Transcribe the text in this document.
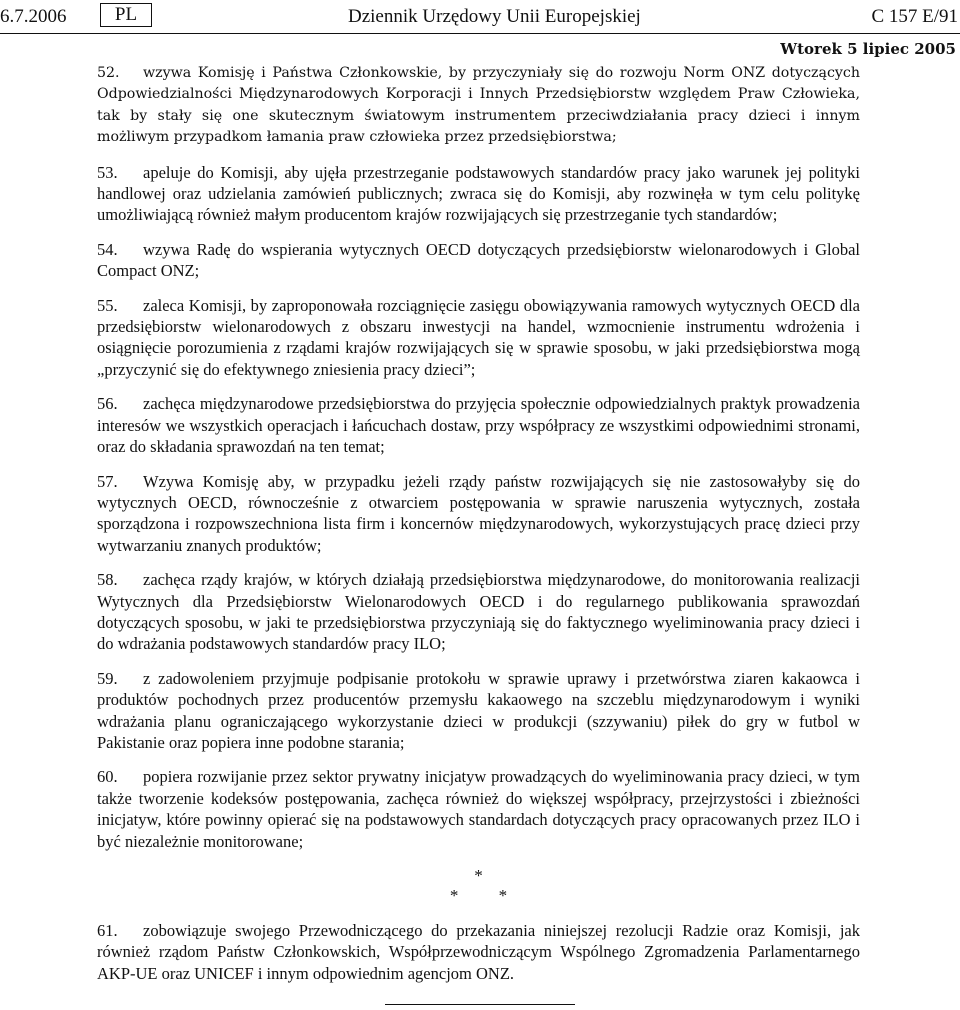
6.7.2006	PL	Dziennik Urzędowy Unii Europejskiej	C 157 E/91
Wtorek 5 lipiec 2005

52. wzywa Komisję i Państwa Członkowskie, by przyczyniały się do rozwoju Norm ONZ dotyczących Odpowiedzialności Międzynarodowych Korporacji i Innych Przedsiębiorstw względem Praw Człowieka, tak by stały się one skutecznym światowym instrumentem przeciwdziałania pracy dzieci i innym możliwym przypadkom łamania praw człowieka przez przedsiębiorstwa;

53. apeluje do Komisji, aby ujęła przestrzeganie podstawowych standardów pracy jako warunek jej polityki handlowej oraz udzielania zamówień publicznych; zwraca się do Komisji, aby rozwinęła w tym celu politykę umożliwiającą również małym producentom krajów rozwijających się przestrzeganie tych standardów;

54. wzywa Radę do wspierania wytycznych OECD dotyczących przedsiębiorstw wielonarodowych i Global Compact ONZ;

55. zaleca Komisji, by zaproponowała rozciągnięcie zasięgu obowiązywania ramowych wytycznych OECD dla przedsiębiorstw wielonarodowych z obszaru inwestycji na handel, wzmocnienie instrumentu wdrożenia i osiągnięcie porozumienia z rządami krajów rozwijających się w sprawie sposobu, w jaki przedsiębiorstwa mogą „przyczynić się do efektywnego zniesienia pracy dzieci”;

56. zachęca międzynarodowe przedsiębiorstwa do przyjęcia społecznie odpowiedzialnych praktyk prowadzenia interesów we wszystkich operacjach i łańcuchach dostaw, przy współpracy ze wszystkimi odpowiednimi stronami, oraz do składania sprawozdań na ten temat;

57. Wzywa Komisję aby, w przypadku jeżeli rządy państw rozwijających się nie zastosowałyby się do wytycznych OECD, równocześnie z otwarciem postępowania w sprawie naruszenia wytycznych, została sporządzona i rozpowszechniona lista firm i koncernów międzynarodowych, wykorzystujących pracę dzieci przy wytwarzaniu znanych produktów;

58. zachęca rządy krajów, w których działają przedsiębiorstwa międzynarodowe, do monitorowania realizacji Wytycznych dla Przedsiębiorstw Wielonarodowych OECD i do regularnego publikowania sprawozdań dotyczących sposobu, w jaki te przedsiębiorstwa przyczyniają się do faktycznego wyeliminowania pracy dzieci i do wdrażania podstawowych standardów pracy ILO;

59. z zadowoleniem przyjmuje podpisanie protokołu w sprawie uprawy i przetwórstwa ziaren kakaowca i produktów pochodnych przez producentów przemysłu kakaowego na szczeblu międzynarodowym i wyniki wdrażania planu ograniczającego wykorzystanie dzieci w produkcji (szzywaniu) piłek do gry w futbol w Pakistanie oraz popiera inne podobne starania;

60. popiera rozwijanie przez sektor prywatny inicjatyw prowadzących do wyeliminowania pracy dzieci, w tym także tworzenie kodeksów postępowania, zachęca również do większej współpracy, przejrzystości i zbieżności inicjatyw, które powinny opierać się na podstawowych standardach dotyczących pracy opracowanych przez ILO i być niezależnie monitorowane;

*
* *

61. zobowiązuje swojego Przewodniczącego do przekazania niniejszej rezolucji Radzie oraz Komisji, jak również rządom Państw Członkowskich, Współprzewodniczącym Wspólnego Zgromadzenia Parlamentarnego AKP-UE oraz UNICEF i innym odpowiednim agencjom ONZ.
